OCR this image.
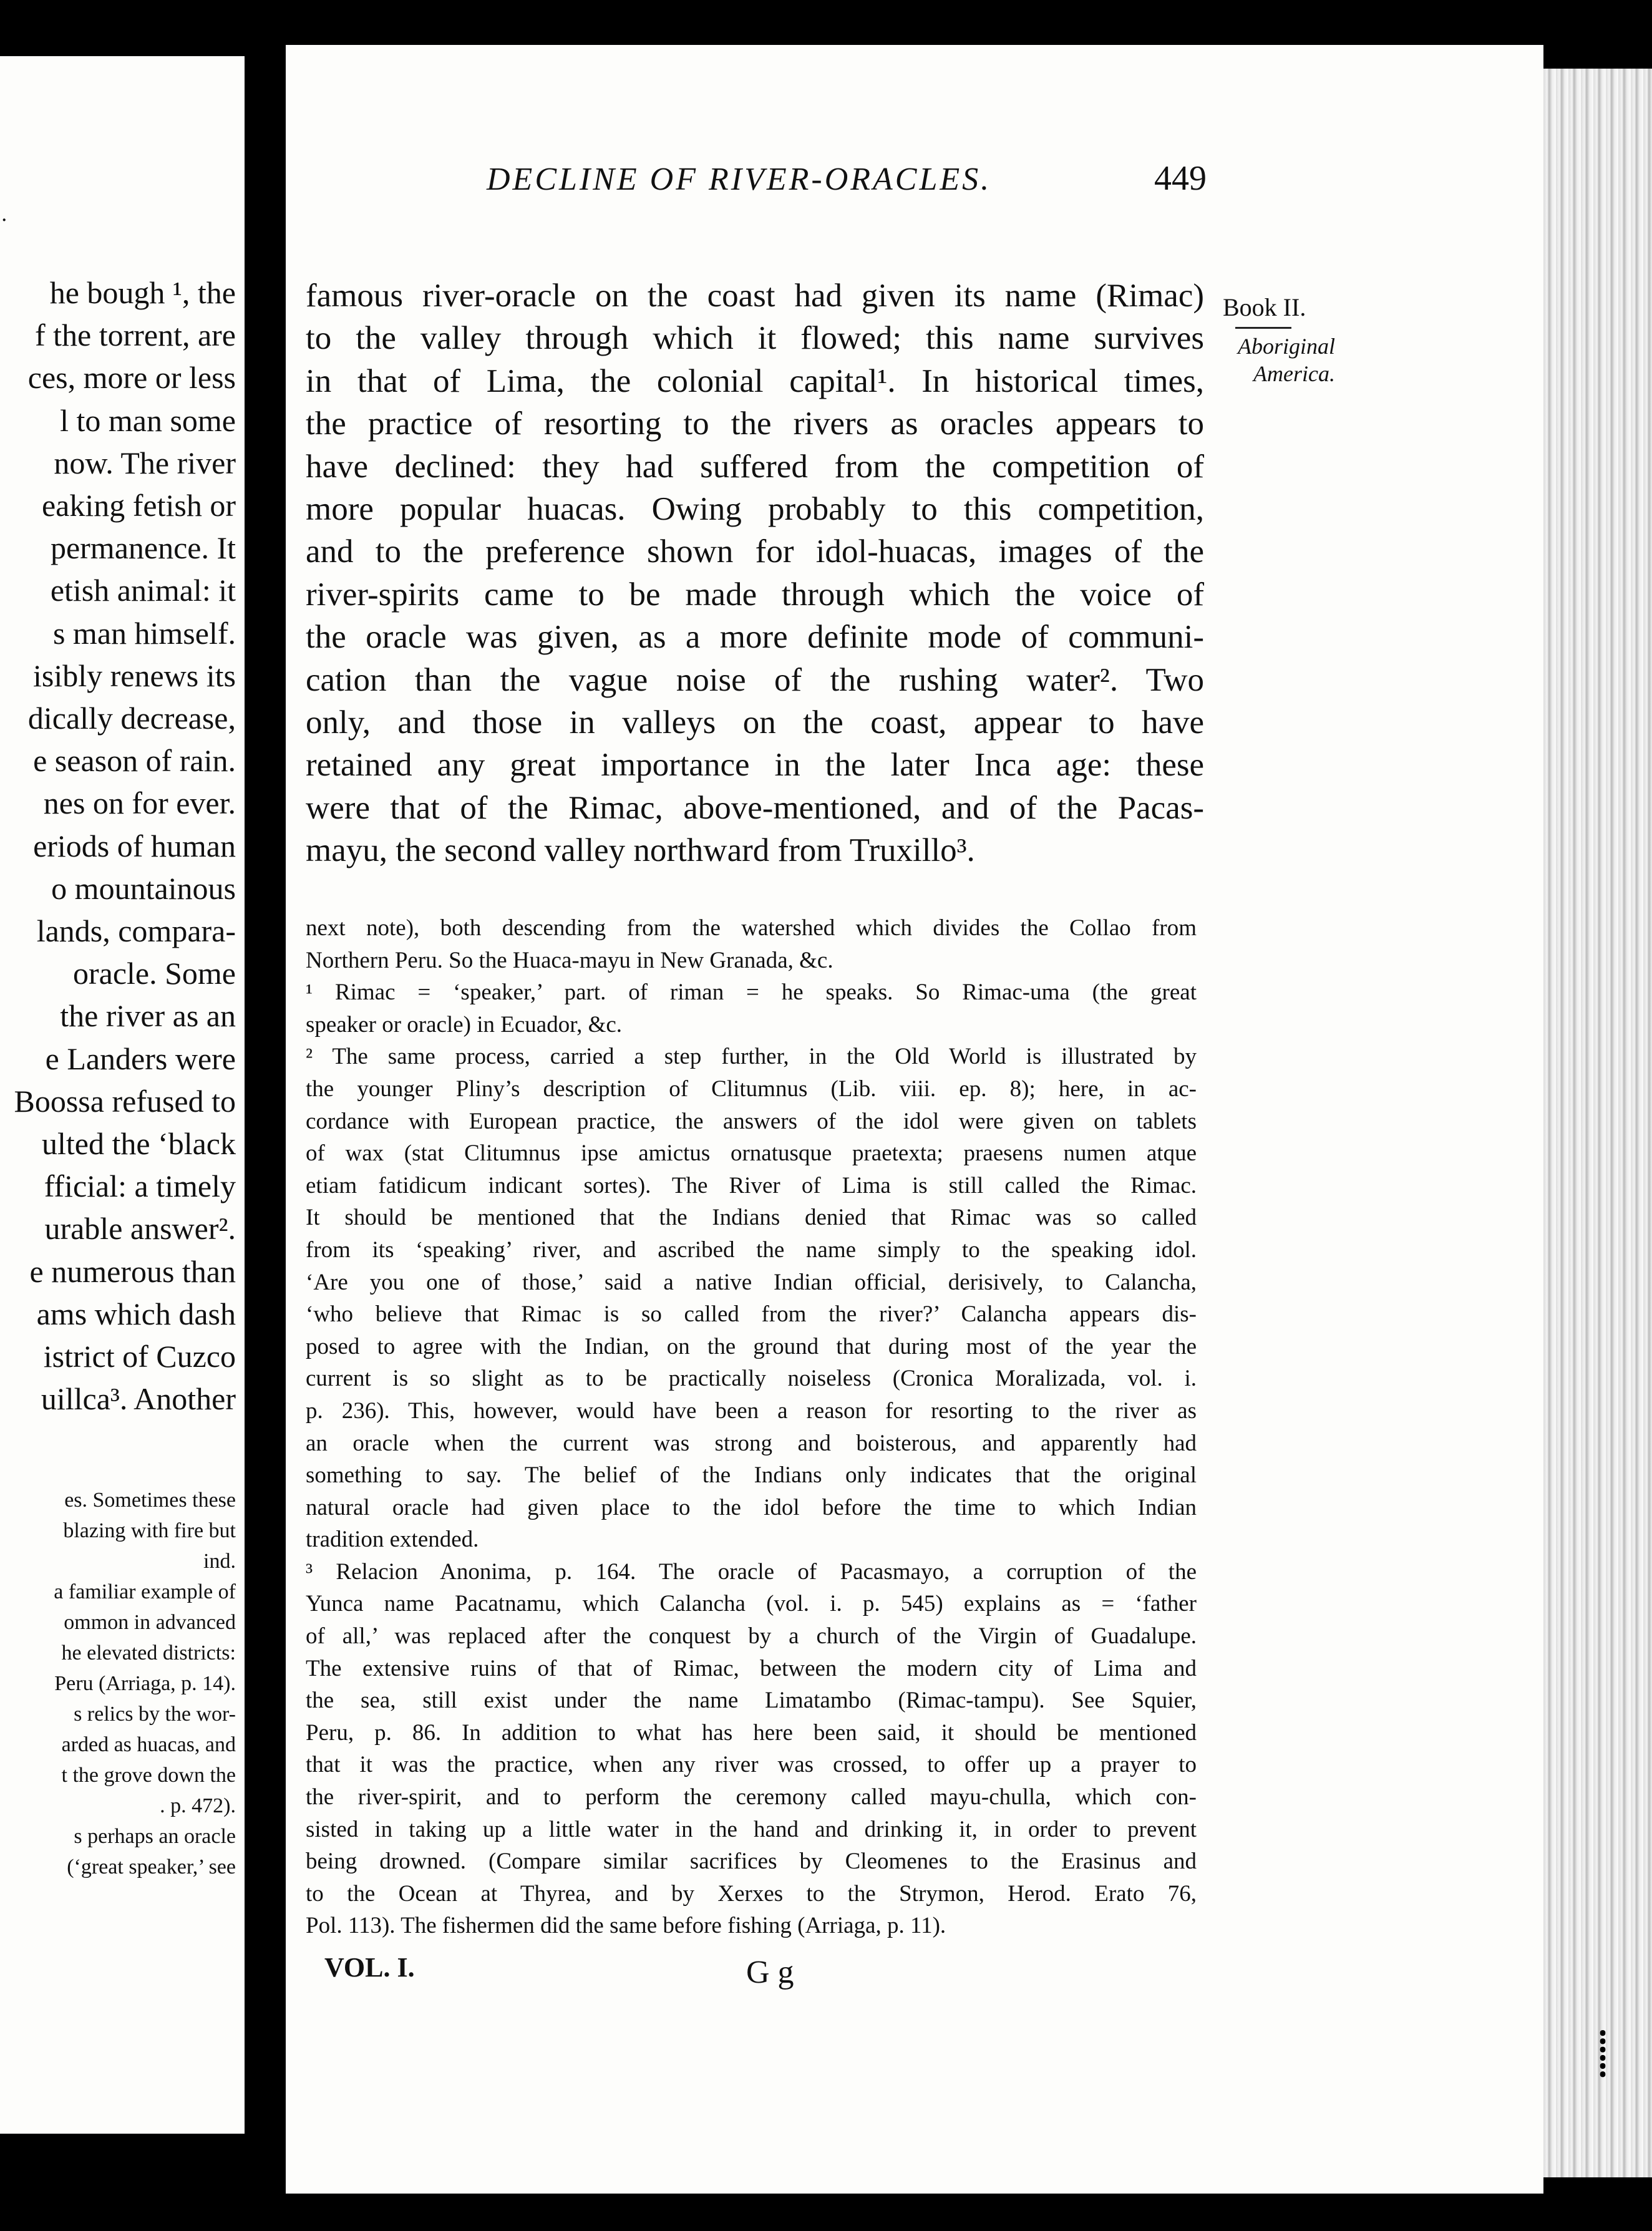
˙
he bough ¹, the
f the torrent, are
ces, more or less
l to man some
now. The river
eaking fetish or
permanence. It
etish animal: it
s man himself.
isibly renews its
dically decrease,
e season of rain.
nes on for ever.
eriods of human
o mountainous
lands, compara-
oracle. Some
the river as an
e Landers were
Boossa refused to
ulted the ‘black
fficial: a timely
urable answer².
e numerous than
ams which dash
istrict of Cuzco
uillca³. Another
es. Sometimes these
blazing with fire but
ind.
a familiar example of
ommon in advanced
he elevated districts:
Peru (Arriaga, p. 14).
s relics by the wor-
arded as huacas, and
t the grove down the
. p. 472).
s perhaps an oracle
(‘great speaker,’ see
DECLINE OF RIVER-ORACLES.	449
Book II.
Aboriginal
America.
famous river-oracle on the coast had given its name (Rimac)
to the valley through which it flowed; this name survives
in that of Lima, the colonial capital¹. In historical times,
the practice of resorting to the rivers as oracles appears to
have declined: they had suffered from the competition of
more popular huacas. Owing probably to this competition,
and to the preference shown for idol-huacas, images of the
river-spirits came to be made through which the voice of
the oracle was given, as a more definite mode of communi-
cation than the vague noise of the rushing water². Two
only, and those in valleys on the coast, appear to have
retained any great importance in the later Inca age: these
were that of the Rimac, above-mentioned, and of the Pacas-
mayu, the second valley northward from Truxillo³.
next note), both descending from the watershed which divides the Collao from
Northern Peru. So the Huaca-mayu in New Granada, &c.
¹ Rimac = ‘speaker,’ part. of riman = he speaks. So Rimac-uma (the great
speaker or oracle) in Ecuador, &c.
² The same process, carried a step further, in the Old World is illustrated by
the younger Pliny’s description of Clitumnus (Lib. viii. ep. 8); here, in ac-
cordance with European practice, the answers of the idol were given on tablets
of wax (stat Clitumnus ipse amictus ornatusque praetexta; praesens numen atque
etiam fatidicum indicant sortes). The River of Lima is still called the Rimac.
It should be mentioned that the Indians denied that Rimac was so called
from its ‘speaking’ river, and ascribed the name simply to the speaking idol.
‘Are you one of those,’ said a native Indian official, derisively, to Calancha,
‘who believe that Rimac is so called from the river?’ Calancha appears dis-
posed to agree with the Indian, on the ground that during most of the year the
current is so slight as to be practically noiseless (Cronica Moralizada, vol. i.
p. 236). This, however, would have been a reason for resorting to the river as
an oracle when the current was strong and boisterous, and apparently had
something to say. The belief of the Indians only indicates that the original
natural oracle had given place to the idol before the time to which Indian
tradition extended.
³ Relacion Anonima, p. 164. The oracle of Pacasmayo, a corruption of the
Yunca name Pacatnamu, which Calancha (vol. i. p. 545) explains as = ‘father
of all,’ was replaced after the conquest by a church of the Virgin of Guadalupe.
The extensive ruins of that of Rimac, between the modern city of Lima and
the sea, still exist under the name Limatambo (Rimac-tampu). See Squier,
Peru, p. 86. In addition to what has here been said, it should be mentioned
that it was the practice, when any river was crossed, to offer up a prayer to
the river-spirit, and to perform the ceremony called mayu-chulla, which con-
sisted in taking up a little water in the hand and drinking it, in order to prevent
being drowned. (Compare similar sacrifices by Cleomenes to the Erasinus and
to the Ocean at Thyrea, and by Xerxes to the Strymon, Herod. Erato 76,
Pol. 113). The fishermen did the same before fishing (Arriaga, p. 11).
VOL. I.	G g
⸽
